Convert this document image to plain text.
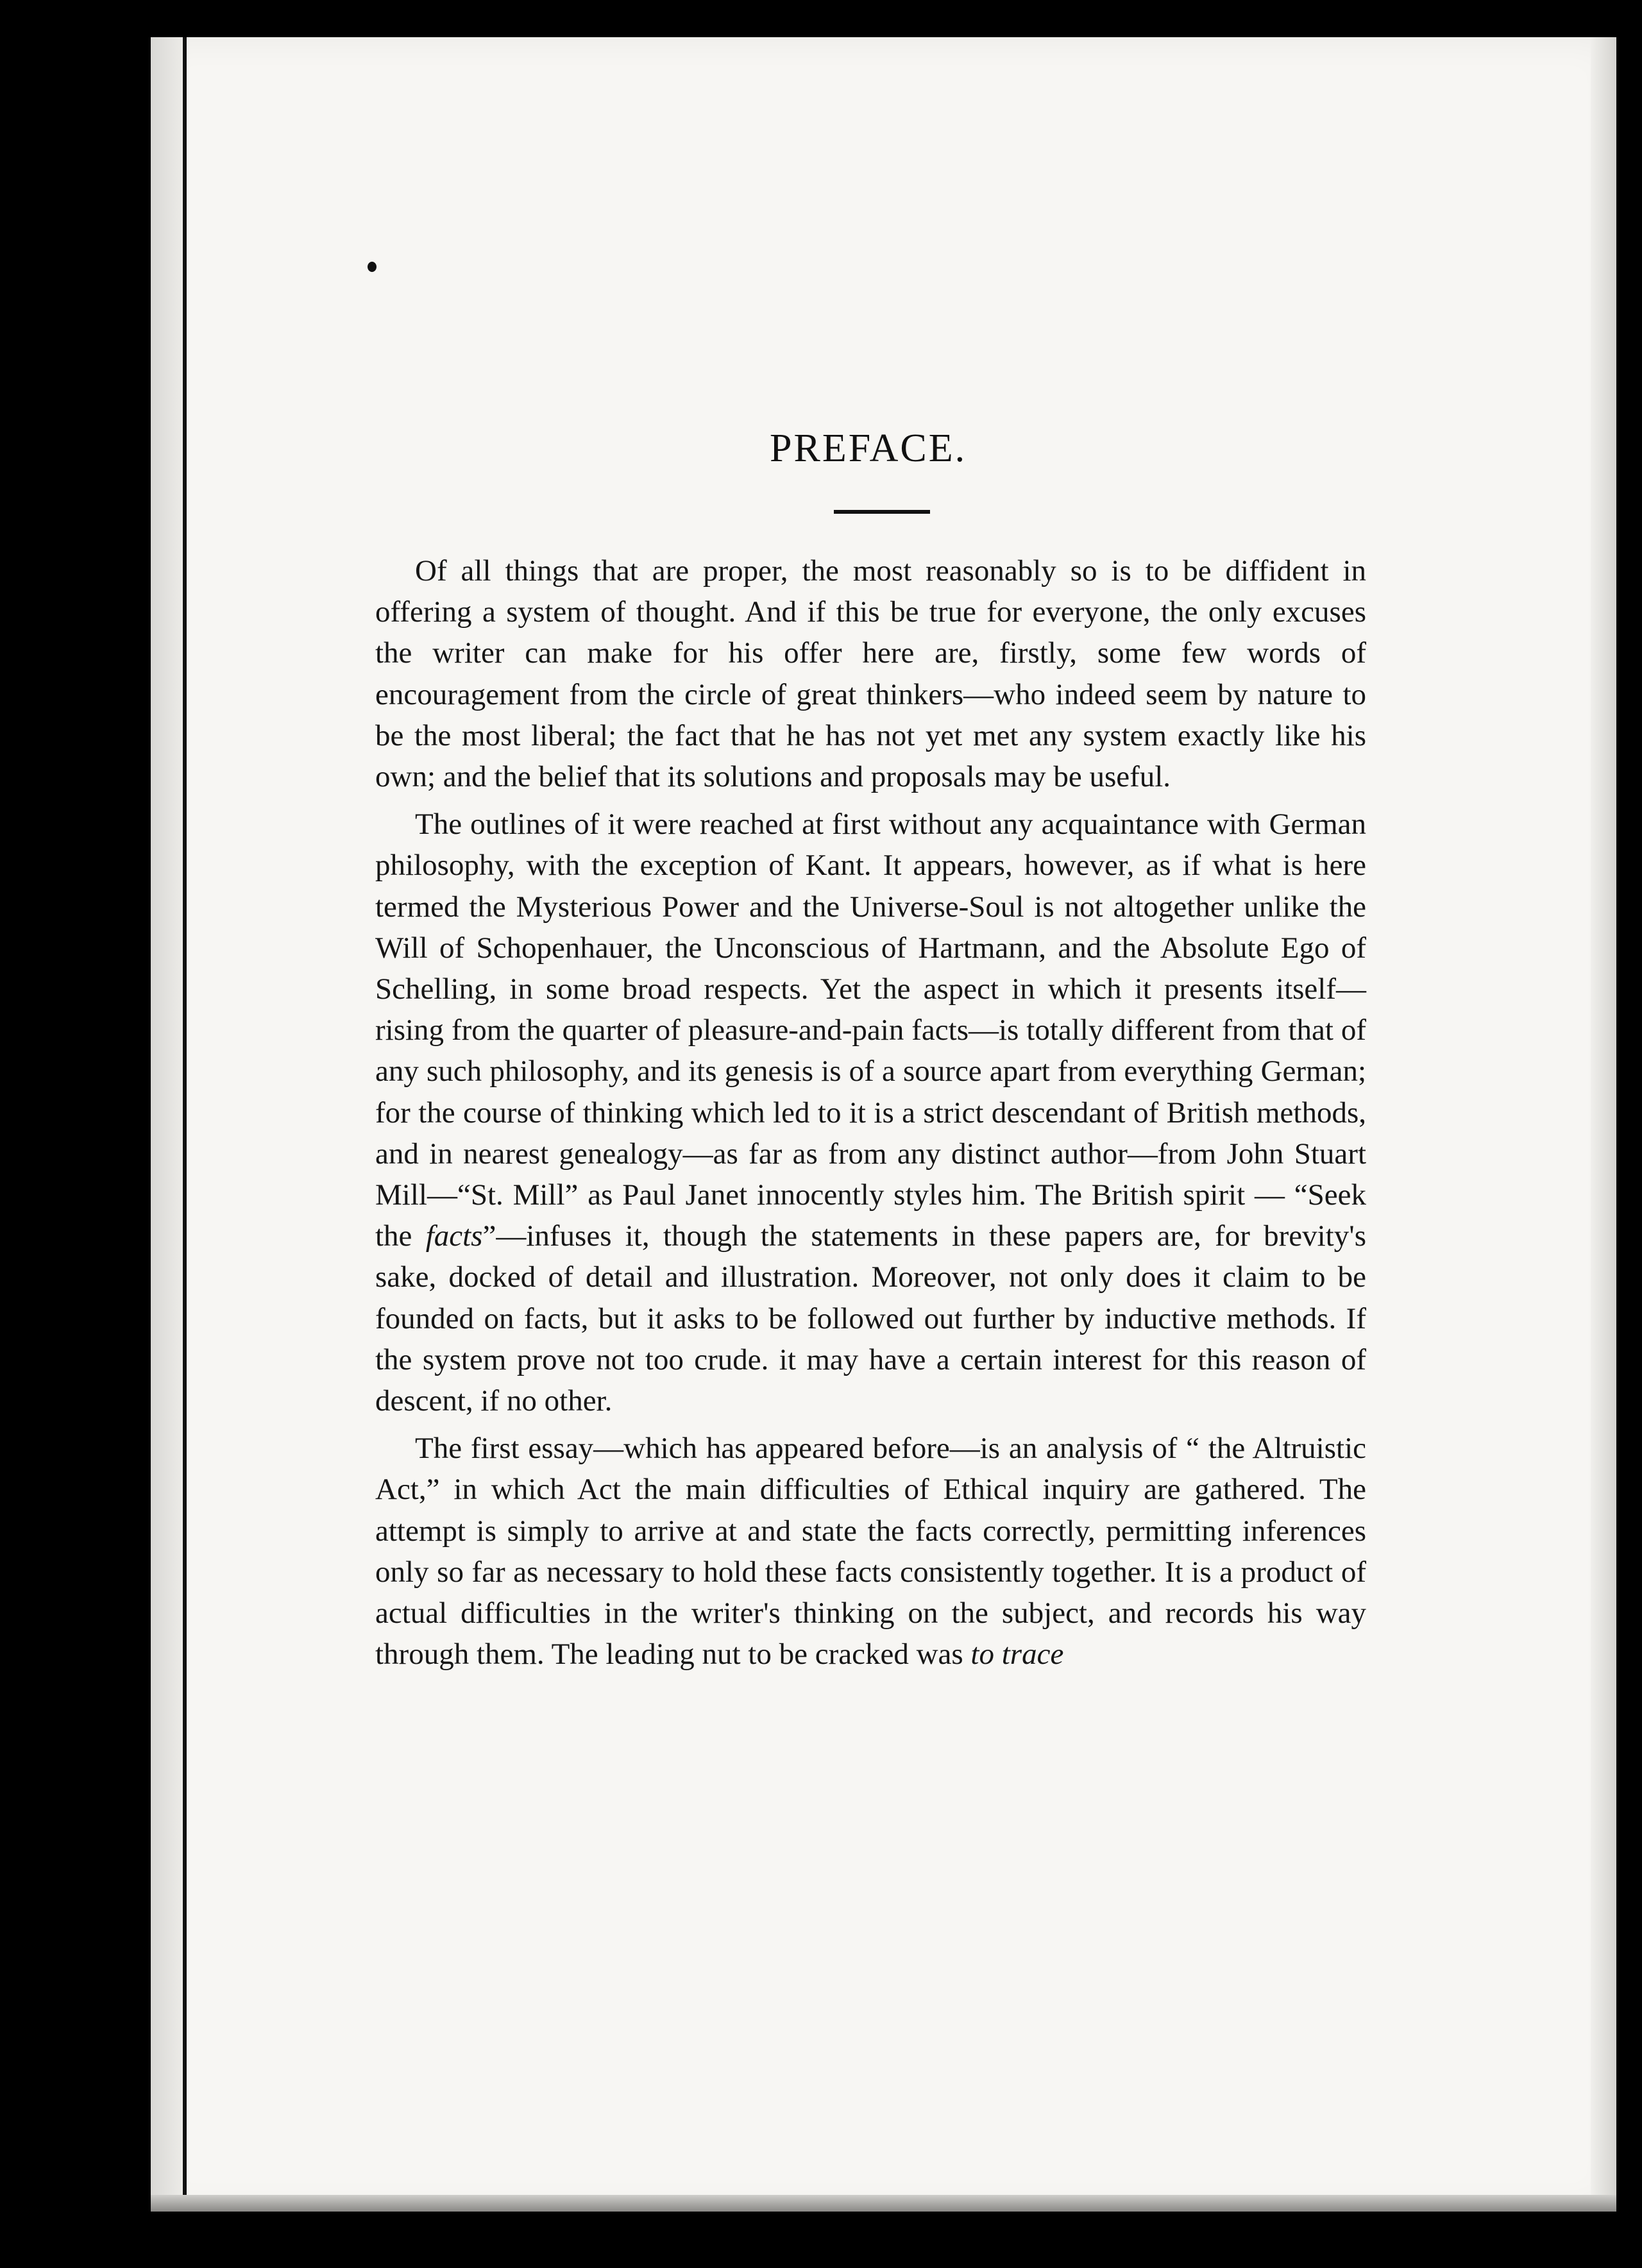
PREFACE.

Of all things that are proper, the most reasonably so is to be diffident in offering a system of thought. And if this be true for everyone, the only excuses the writer can make for his offer here are, firstly, some few words of encouragement from the circle of great thinkers—who indeed seem by nature to be the most liberal; the fact that he has not yet met any system exactly like his own; and the belief that its solutions and proposals may be useful.

The outlines of it were reached at first without any acquaintance with German philosophy, with the exception of Kant. It appears, however, as if what is here termed the Mysterious Power and the Universe-Soul is not altogether unlike the Will of Schopenhauer, the Unconscious of Hartmann, and the Absolute Ego of Schelling, in some broad respects. Yet the aspect in which it presents itself—rising from the quarter of pleasure-and-pain facts—is totally different from that of any such philosophy, and its genesis is of a source apart from everything German; for the course of thinking which led to it is a strict descendant of British methods, and in nearest genealogy—as far as from any distinct author—from John Stuart Mill—“St. Mill” as Paul Janet innocently styles him. The British spirit — “Seek the facts”—infuses it, though the statements in these papers are, for brevity's sake, docked of detail and illustration. Moreover, not only does it claim to be founded on facts, but it asks to be followed out further by inductive methods. If the system prove not too crude. it may have a certain interest for this reason of descent, if no other.

The first essay—which has appeared before—is an analysis of “ the Altruistic Act,” in which Act the main difficulties of Ethical inquiry are gathered. The attempt is simply to arrive at and state the facts correctly, permitting inferences only so far as necessary to hold these facts consistently together. It is a product of actual difficulties in the writer's thinking on the subject, and records his way through them. The leading nut to be cracked was to trace
